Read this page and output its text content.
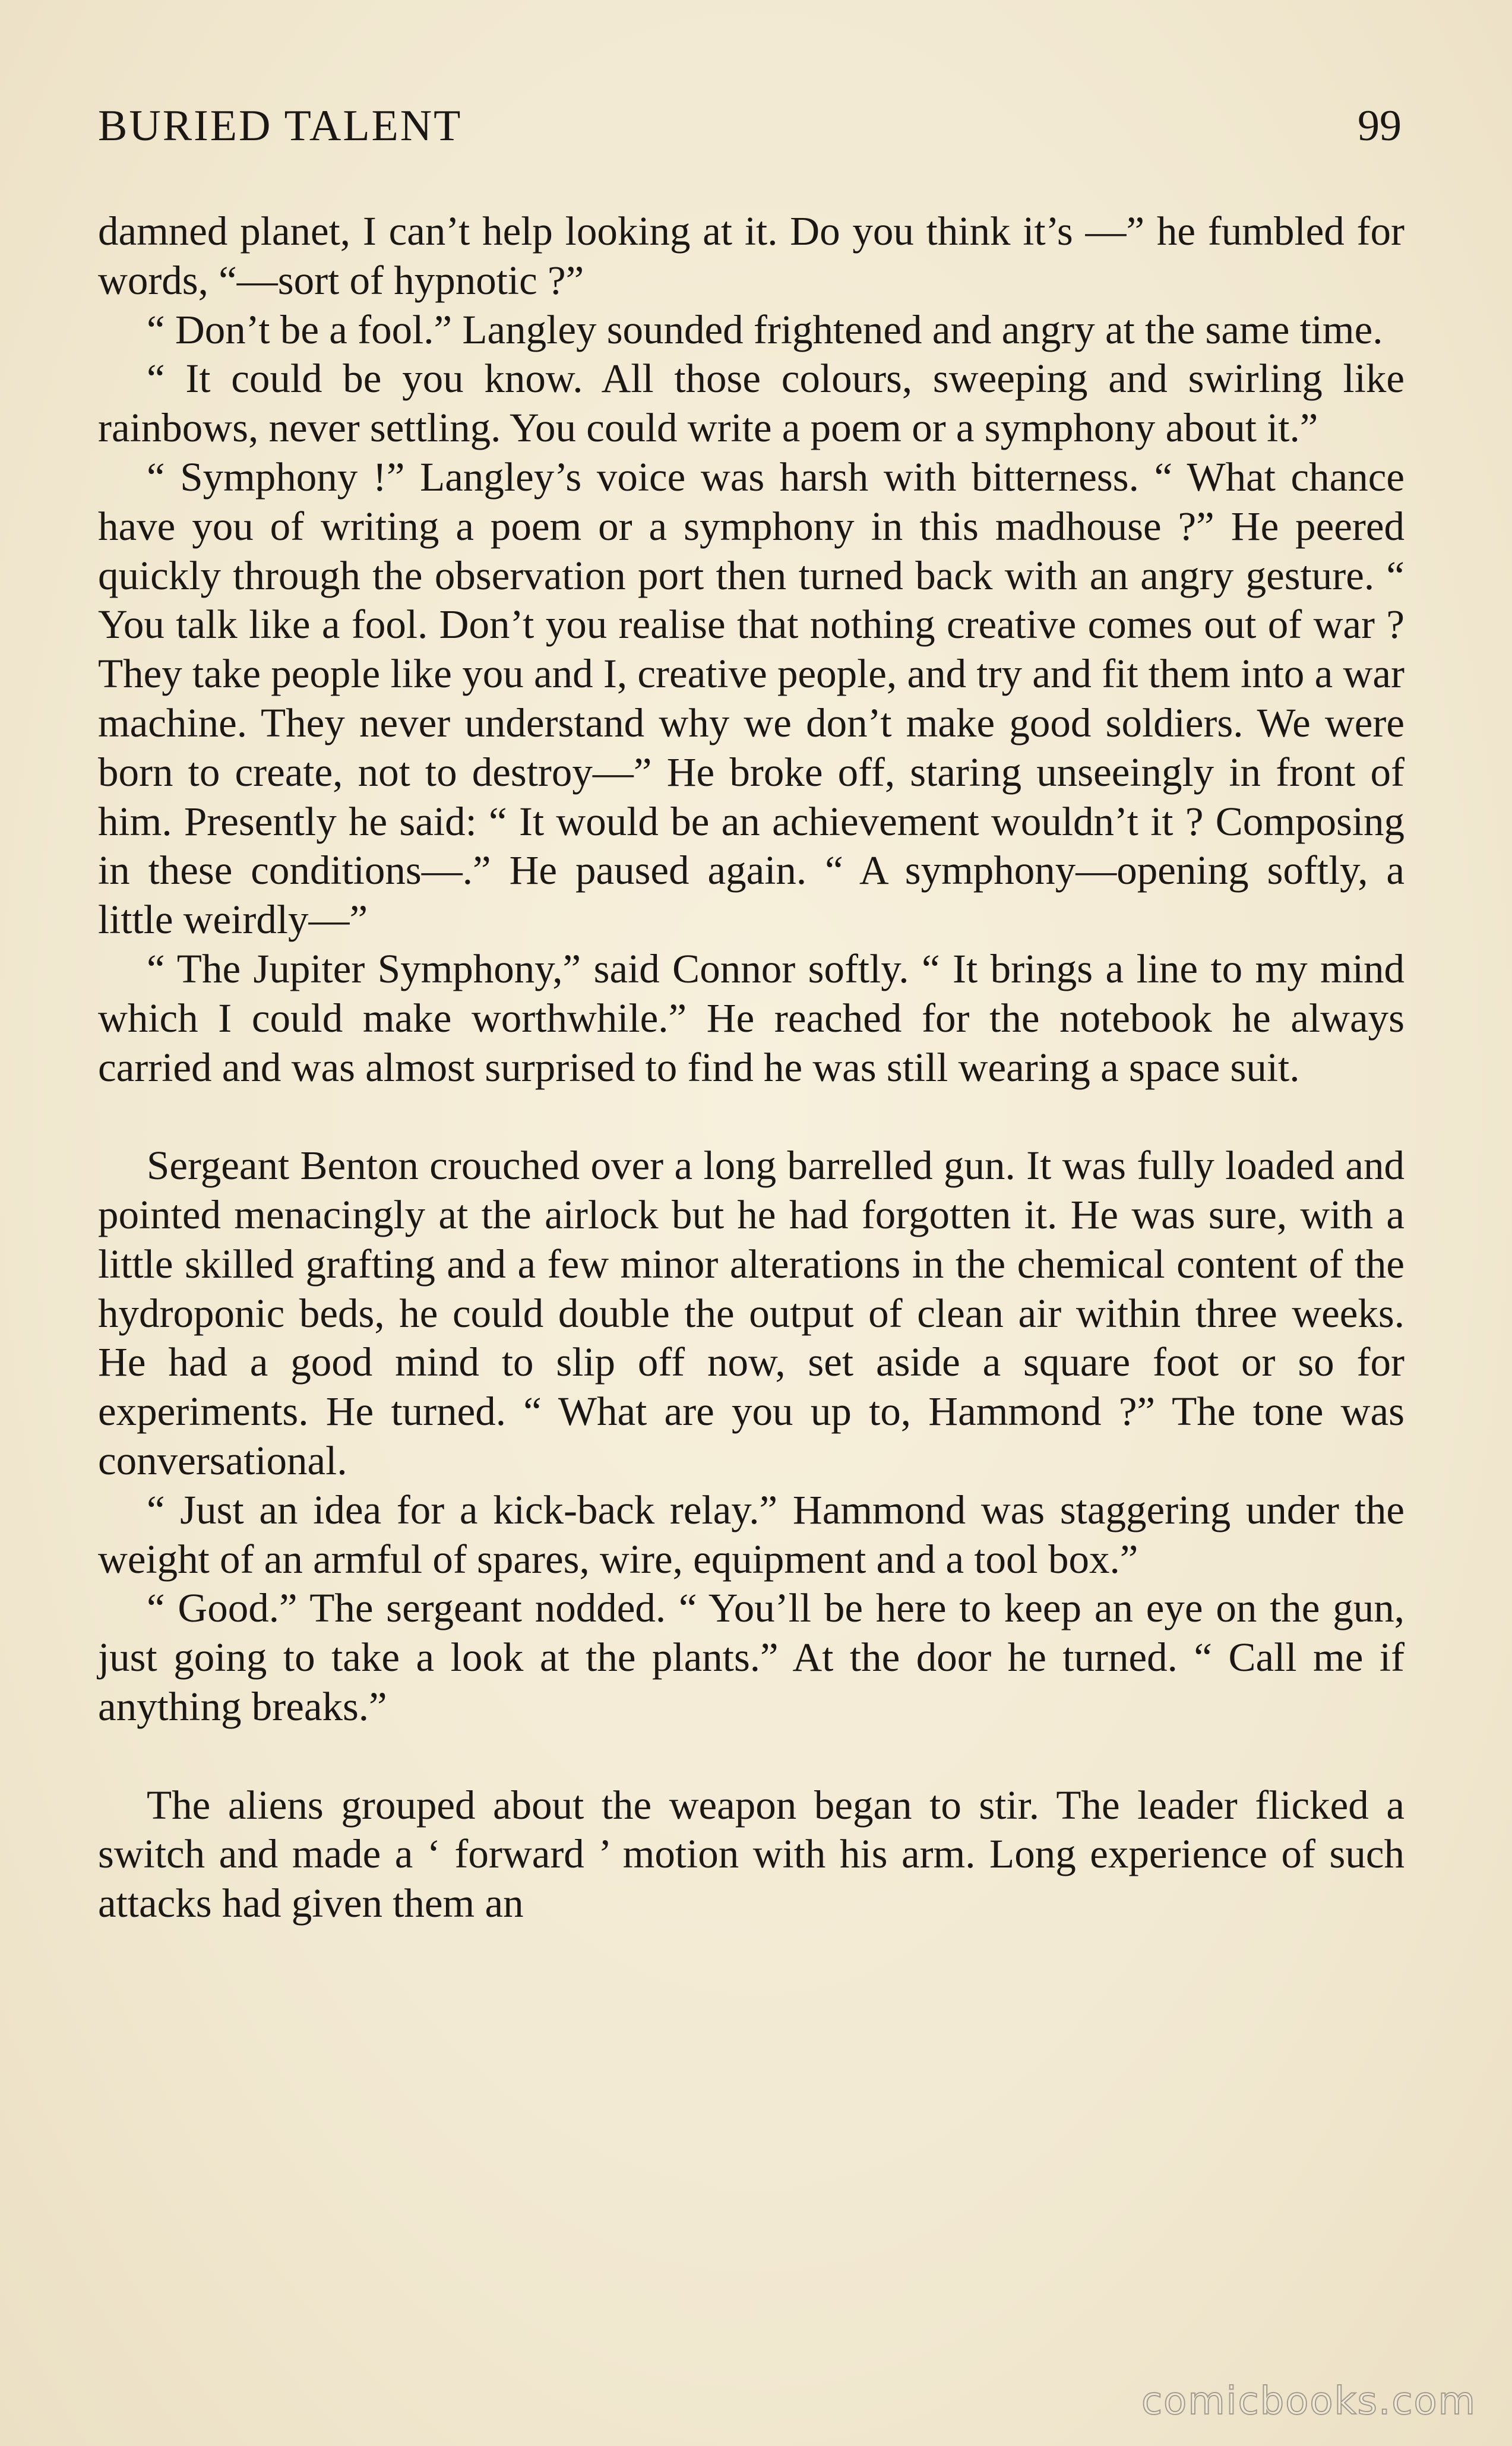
BURIED TALENT	99

damned planet, I can’t help looking at it. Do you think it’s —” he fumbled for words, “—sort of hypnotic ?”

“ Don’t be a fool.” Langley sounded frightened and angry at the same time.

“ It could be you know. All those colours, sweeping and swirling like rainbows, never settling. You could write a poem or a symphony about it.”

“ Symphony !” Langley’s voice was harsh with bitterness. “ What chance have you of writing a poem or a symphony in this madhouse ?” He peered quickly through the observation port then turned back with an angry gesture. “ You talk like a fool. Don’t you realise that nothing creative comes out of war ? They take people like you and I, creative people, and try and fit them into a war machine. They never understand why we don’t make good soldiers. We were born to create, not to destroy—” He broke off, staring unseeingly in front of him. Presently he said: “ It would be an achievement wouldn’t it ? Composing in these conditions—.” He paused again. “ A symphony—opening softly, a little weirdly—”

“ The Jupiter Symphony,” said Connor softly. “ It brings a line to my mind which I could make worthwhile.” He reached for the notebook he always carried and was almost surprised to find he was still wearing a space suit.

Sergeant Benton crouched over a long barrelled gun. It was fully loaded and pointed menacingly at the airlock but he had forgotten it. He was sure, with a little skilled grafting and a few minor alterations in the chemical content of the hydroponic beds, he could double the output of clean air within three weeks. He had a good mind to slip off now, set aside a square foot or so for experiments. He turned. “ What are you up to, Hammond ?” The tone was conversational.

“ Just an idea for a kick-back relay.” Hammond was staggering under the weight of an armful of spares, wire, equipment and a tool box.”

“ Good.” The sergeant nodded. “ You’ll be here to keep an eye on the gun, just going to take a look at the plants.” At the door he turned. “ Call me if anything breaks.”

The aliens grouped about the weapon began to stir. The leader flicked a switch and made a ‘ forward ’ motion with his arm. Long experience of such attacks had given them an

comicbooks.com
